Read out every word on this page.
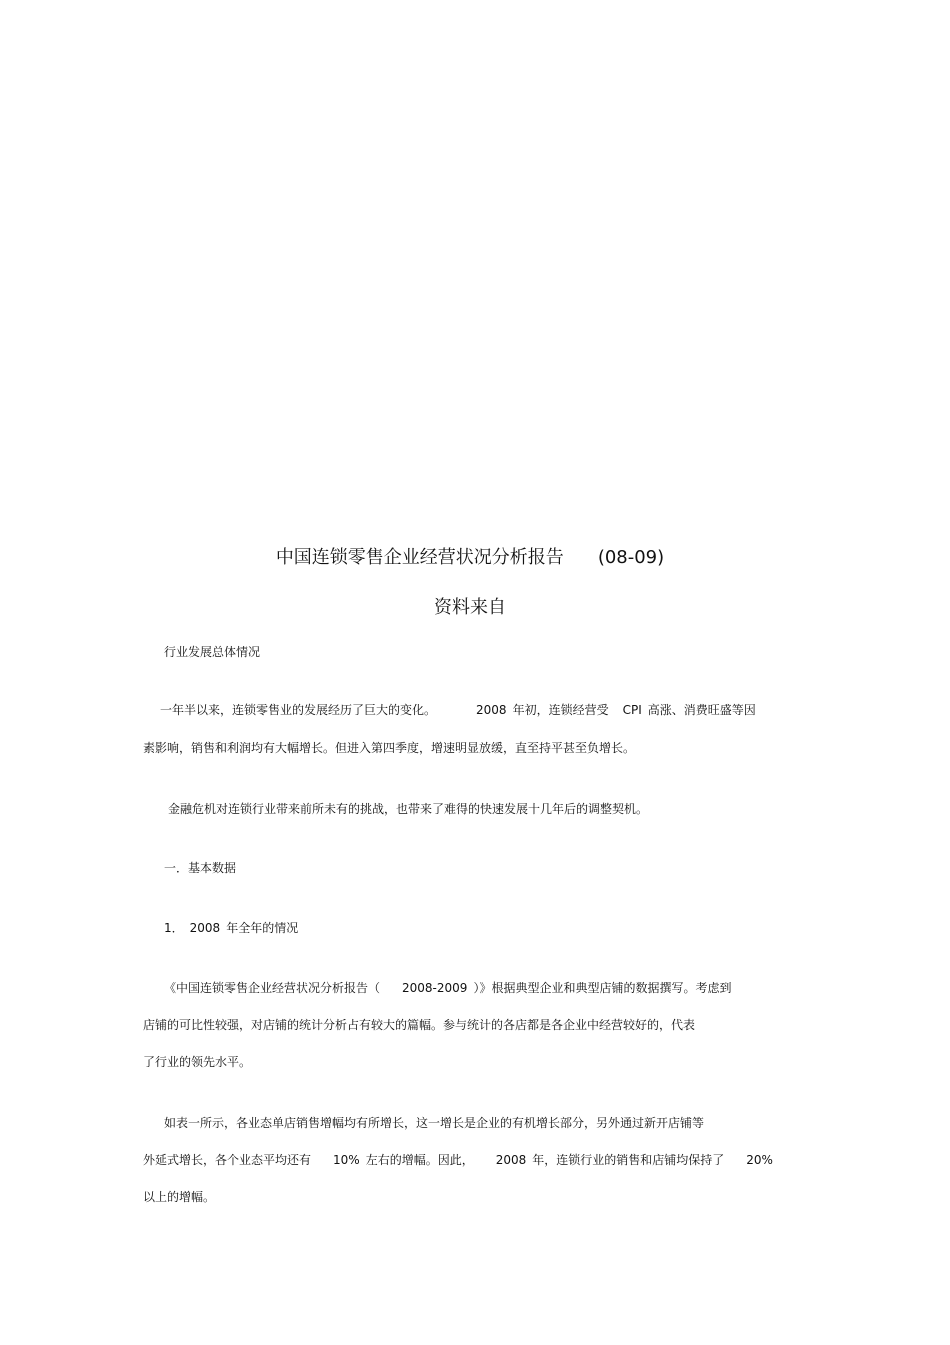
中国连锁零售企业经营状况分析报告 (08-09)
资料来自
行业发展总体情况
一年半以来，连锁零售业的发展经历了巨大的变化。	2008 年初，连锁经营受 CPI 高涨、消费旺盛等因
素影响，销售和利润均有大幅增长。但进入第四季度，增速明显放缓，直至持平甚至负增长。
金融危机对连锁行业带来前所未有的挑战，也带来了难得的快速发展十几年后的调整契机。
一．基本数据
1． 2008 年全年的情况
《中国连锁零售企业经营状况分析报告（ 2008-2009 ）》根据典型企业和典型店铺的数据撰写。考虑到
店铺的可比性较强，对店铺的统计分析占有较大的篇幅。参与统计的各店都是各企业中经营较好的，代表
了行业的领先水平。
如表一所示，各业态单店销售增幅均有所增长，这一增长是企业的有机增长部分，另外通过新开店铺等
外延式增长，各个业态平均还有 10% 左右的增幅。因此， 2008 年，连锁行业的销售和店铺均保持了 20%
以上的增幅。
